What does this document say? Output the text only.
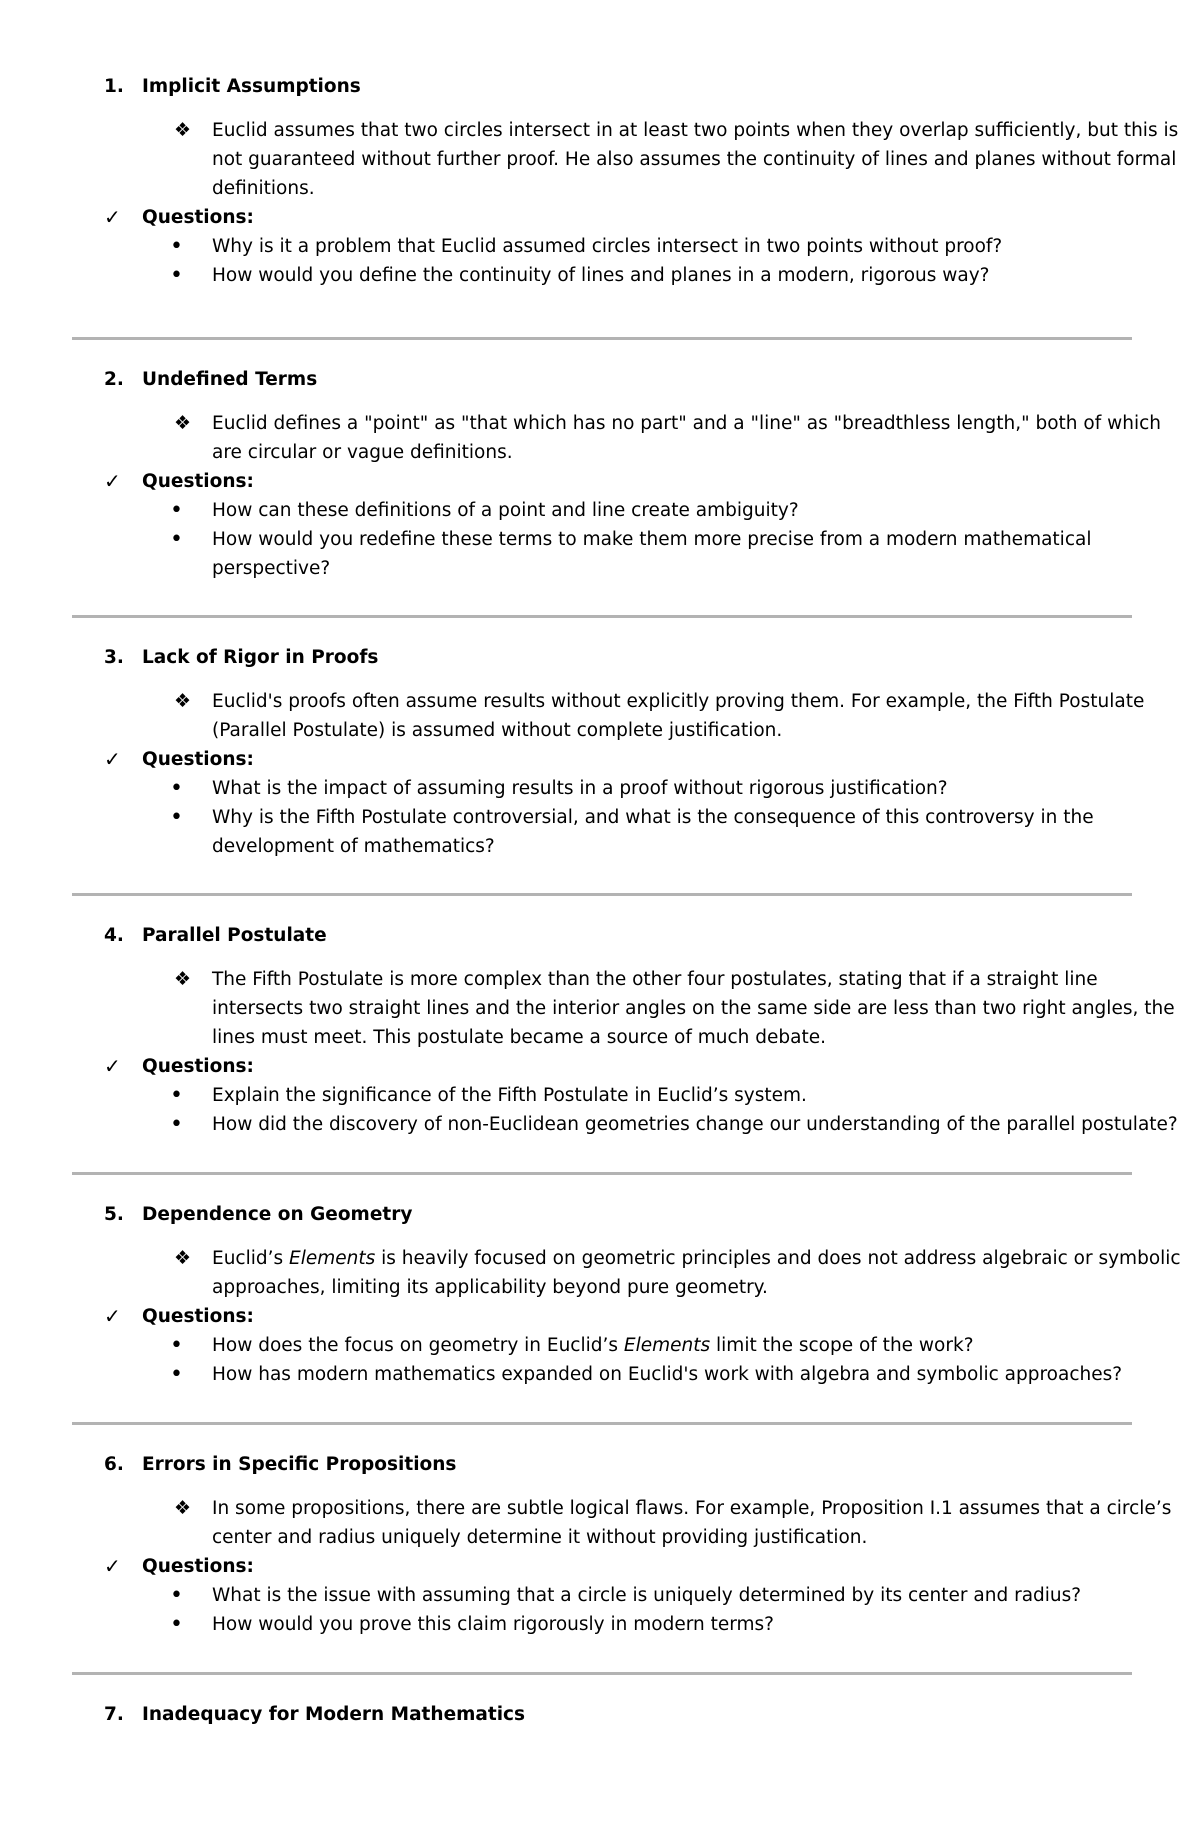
1. Implicit Assumptions
❖ Euclid assumes that two circles intersect in at least two points when they overlap sufficiently, but this is
not guaranteed without further proof. He also assumes the continuity of lines and planes without formal
definitions.
✓ Questions:
• Why is it a problem that Euclid assumed circles intersect in two points without proof?
• How would you define the continuity of lines and planes in a modern, rigorous way?
2. Undefined Terms
❖ Euclid defines a "point" as "that which has no part" and a "line" as "breadthless length," both of which
are circular or vague definitions.
✓ Questions:
• How can these definitions of a point and line create ambiguity?
• How would you redefine these terms to make them more precise from a modern mathematical
perspective?
3. Lack of Rigor in Proofs
❖ Euclid's proofs often assume results without explicitly proving them. For example, the Fifth Postulate
(Parallel Postulate) is assumed without complete justification.
✓ Questions:
• What is the impact of assuming results in a proof without rigorous justification?
• Why is the Fifth Postulate controversial, and what is the consequence of this controversy in the
development of mathematics?
4. Parallel Postulate
❖ The Fifth Postulate is more complex than the other four postulates, stating that if a straight line
intersects two straight lines and the interior angles on the same side are less than two right angles, the
lines must meet. This postulate became a source of much debate.
✓ Questions:
• Explain the significance of the Fifth Postulate in Euclid’s system.
• How did the discovery of non-Euclidean geometries change our understanding of the parallel postulate?
5. Dependence on Geometry
❖ Euclid’s Elements is heavily focused on geometric principles and does not address algebraic or symbolic
approaches, limiting its applicability beyond pure geometry.
✓ Questions:
• How does the focus on geometry in Euclid’s Elements limit the scope of the work?
• How has modern mathematics expanded on Euclid's work with algebra and symbolic approaches?
6. Errors in Specific Propositions
❖ In some propositions, there are subtle logical flaws. For example, Proposition I.1 assumes that a circle’s
center and radius uniquely determine it without providing justification.
✓ Questions:
• What is the issue with assuming that a circle is uniquely determined by its center and radius?
• How would you prove this claim rigorously in modern terms?
7. Inadequacy for Modern Mathematics
